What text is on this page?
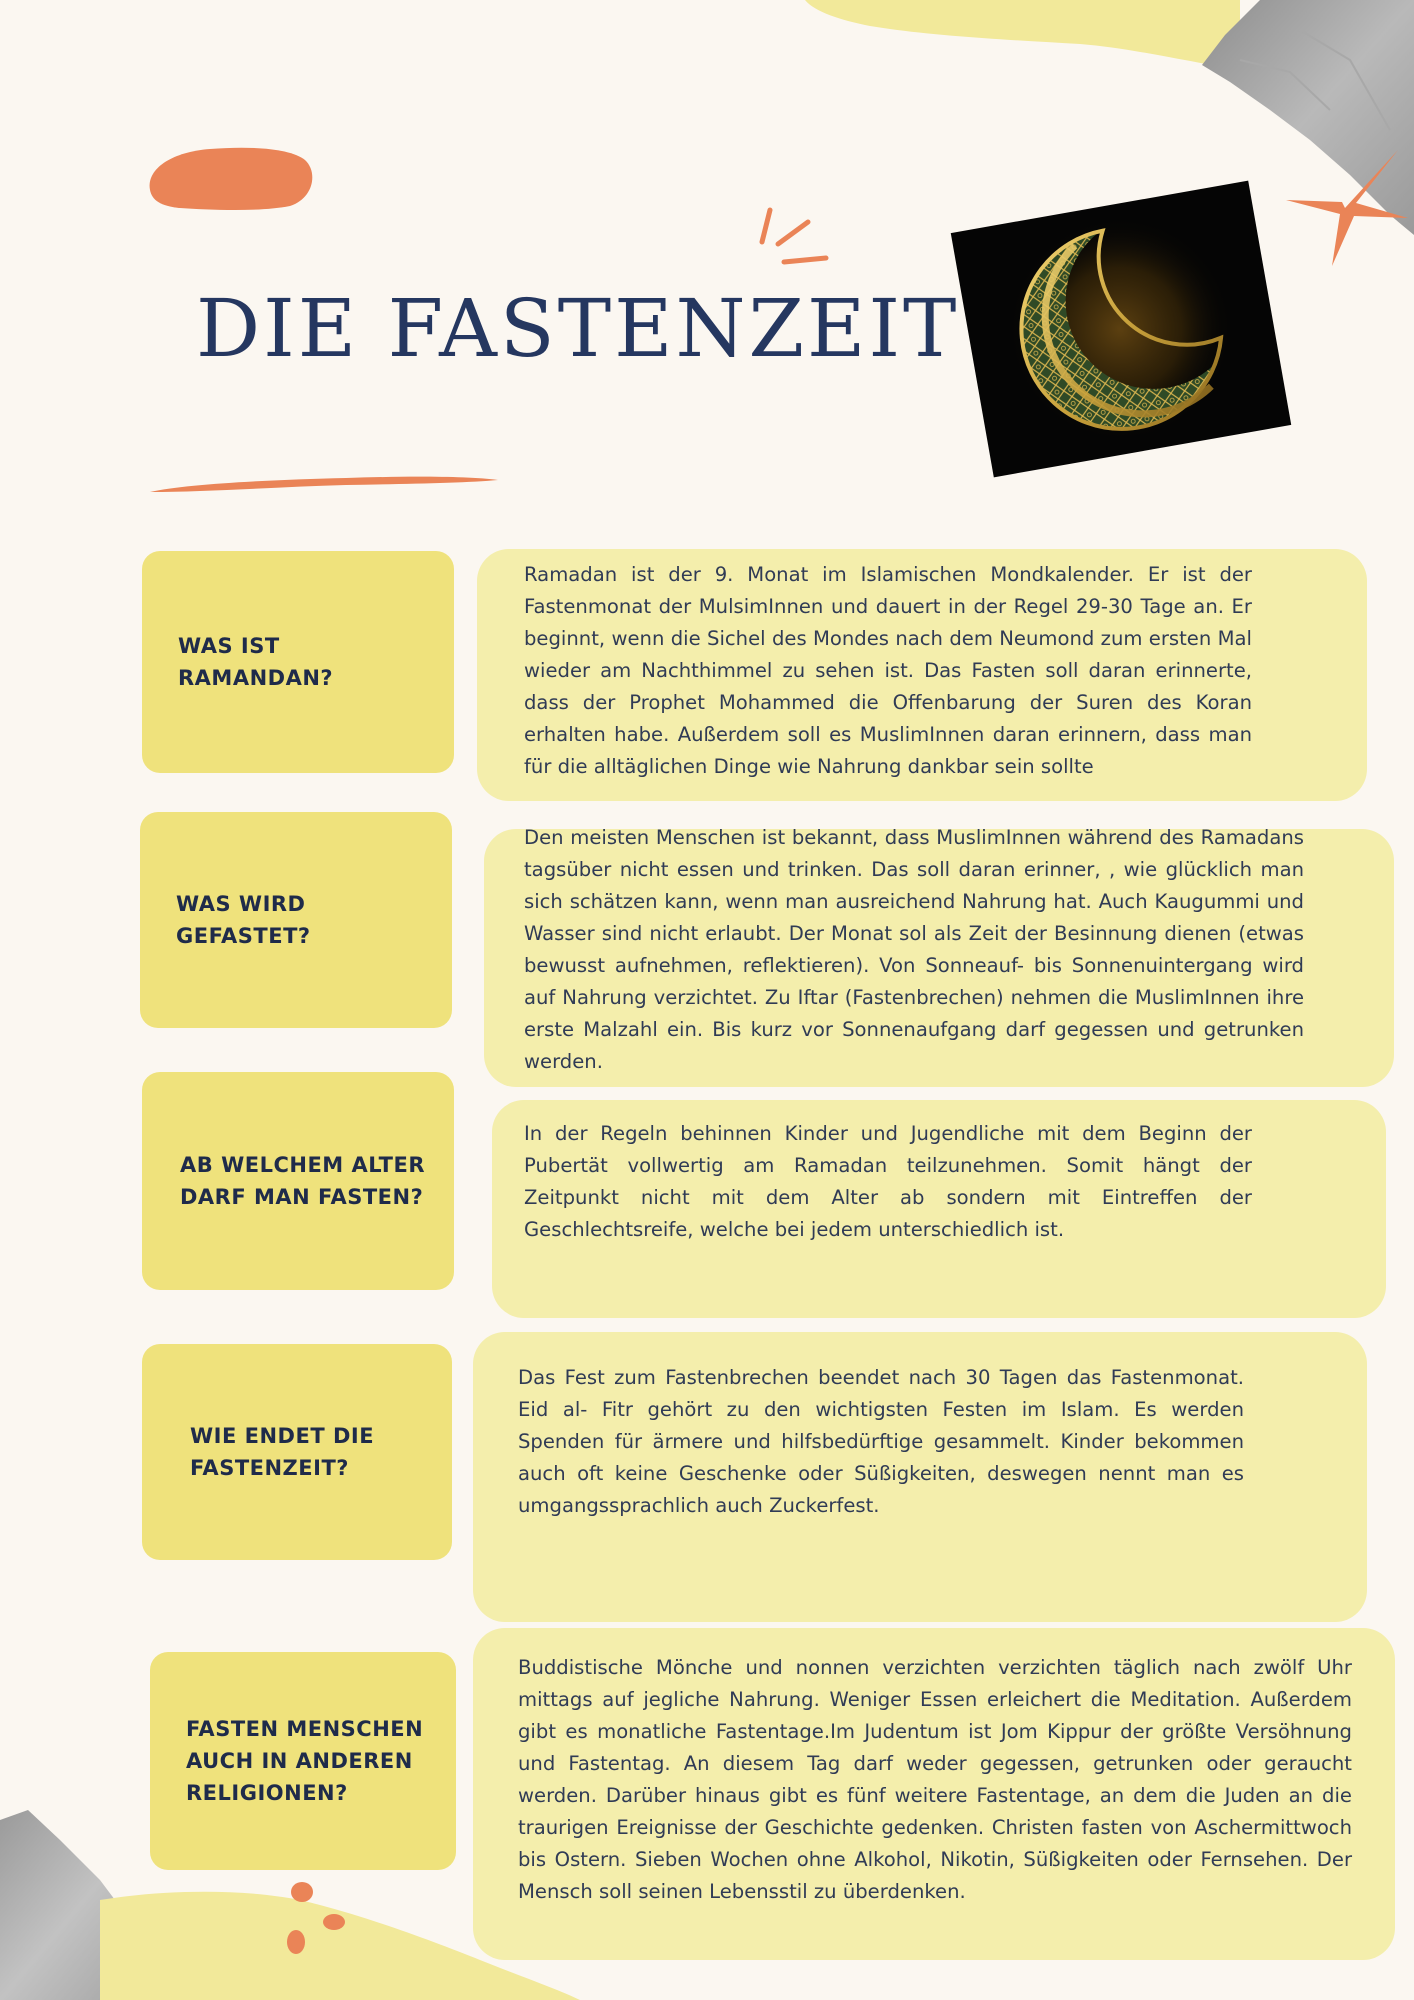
DIE FASTENZEIT
WAS IST RAMANDAN?
Ramadan ist der 9. Monat im Islamischen Mondkalender. Er ist der Fastenmonat der MulsimInnen und dauert in der Regel 29-30 Tage an. Er beginnt, wenn die Sichel des Mondes nach dem Neumond zum ersten Mal wieder am Nachthimmel zu sehen ist. Das Fasten soll daran erinnerte, dass der Prophet Mohammed die Offenbarung der Suren des Koran erhalten habe. Außerdem soll es MuslimInnen daran erinnern, dass man für die alltäglichen Dinge wie Nahrung dankbar sein sollte
WAS WIRD GEFASTET?
Den meisten Menschen ist bekannt, dass MuslimInnen während des Ramadans tagsüber nicht essen und trinken. Das soll daran erinner, , wie glücklich man sich schätzen kann, wenn man ausreichend Nahrung hat. Auch Kaugummi und Wasser sind nicht erlaubt. Der Monat sol als Zeit der Besinnung dienen (etwas bewusst aufnehmen, reflektieren). Von Sonneauf- bis Sonnenuintergang wird auf Nahrung verzichtet. Zu Iftar (Fastenbrechen) nehmen die MuslimInnen ihre erste Malzahl ein. Bis kurz vor Sonnenaufgang darf gegessen und getrunken werden.
AB WELCHEM ALTER DARF MAN FASTEN?
In der Regeln behinnen Kinder und Jugendliche mit dem Beginn der Pubertät vollwertig am Ramadan teilzunehmen. Somit hängt der Zeitpunkt nicht mit dem Alter ab sondern mit Eintreffen der Geschlechtsreife, welche bei jedem unterschiedlich ist.
WIE ENDET DIE FASTENZEIT?
Das Fest zum Fastenbrechen beendet nach 30 Tagen das Fastenmonat. Eid al- Fitr gehört zu den wichtigsten Festen im Islam. Es werden Spenden für ärmere und hilfsbedürftige gesammelt. Kinder bekommen auch oft keine Geschenke oder Süßigkeiten, deswegen nennt man es umgangssprachlich auch Zuckerfest.
FASTEN MENSCHEN AUCH IN ANDEREN RELIGIONEN?
Buddistische Mönche und nonnen verzichten verzichten täglich nach zwölf Uhr mittags auf jegliche Nahrung. Weniger Essen erleichert die Meditation. Außerdem gibt es monatliche Fastentage.Im Judentum ist Jom Kippur der größte Versöhnung und Fastentag. An diesem Tag darf weder gegessen, getrunken oder geraucht werden. Darüber hinaus gibt es fünf weitere Fastentage, an dem die Juden an die traurigen Ereignisse der Geschichte gedenken. Christen fasten von Aschermittwoch bis Ostern. Sieben Wochen ohne Alkohol, Nikotin, Süßigkeiten oder Fernsehen. Der Mensch soll seinen Lebensstil zu überdenken.
